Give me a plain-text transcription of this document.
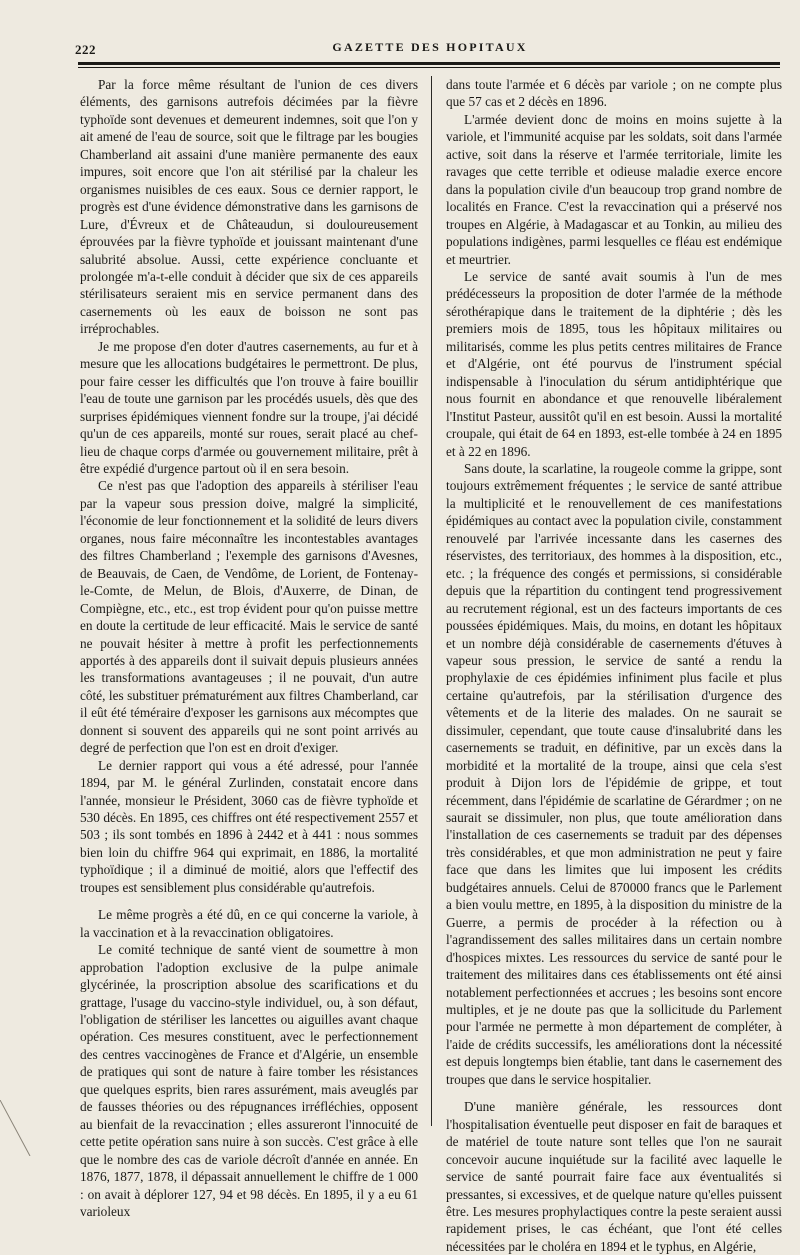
222	GAZETTE DES HOPITAUX

Par la force même résultant de l'union de ces divers éléments, des garnisons autrefois décimées par la fièvre typhoïde sont devenues et demeurent indemnes, soit que l'on y ait amené de l'eau de source, soit que le filtrage par les bougies Chamberland ait assaini d'une manière permanente des eaux impures, soit encore que l'on ait stérilisé par la chaleur les organismes nuisibles de ces eaux. Sous ce dernier rapport, le progrès est d'une évidence démonstrative dans les garnisons de Lure, d'Évreux et de Châteaudun, si douloureusement éprouvées par la fièvre typhoïde et jouissant maintenant d'une salubrité absolue. Aussi, cette expérience concluante et prolongée m'a-t-elle conduit à décider que six de ces appareils stérilisateurs seraient mis en service permanent dans des casernements où les eaux de boisson ne sont pas irréprochables.

Je me propose d'en doter d'autres casernements, au fur et à mesure que les allocations budgétaires le permettront. De plus, pour faire cesser les difficultés que l'on trouve à faire bouillir l'eau de toute une garnison par les procédés usuels, dès que des surprises épidémiques viennent fondre sur la troupe, j'ai décidé qu'un de ces appareils, monté sur roues, serait placé au chef-lieu de chaque corps d'armée ou gouvernement militaire, prêt à être expédié d'urgence partout où il en sera besoin.

Ce n'est pas que l'adoption des appareils à stériliser l'eau par la vapeur sous pression doive, malgré la simplicité, l'économie de leur fonctionnement et la solidité de leurs divers organes, nous faire méconnaître les incontestables avantages des filtres Chamberland ; l'exemple des garnisons d'Avesnes, de Beauvais, de Caen, de Vendôme, de Lorient, de Fontenay-le-Comte, de Melun, de Blois, d'Auxerre, de Dinan, de Compiègne, etc., etc., est trop évident pour qu'on puisse mettre en doute la certitude de leur efficacité. Mais le service de santé ne pouvait hésiter à mettre à profit les perfectionnements apportés à des appareils dont il suivait depuis plusieurs années les transformations avantageuses ; il ne pouvait, d'un autre côté, les substituer prématurément aux filtres Chamberland, car il eût été téméraire d'exposer les garnisons aux mécomptes que donnent si souvent des appareils qui ne sont point arrivés au degré de perfection que l'on est en droit d'exiger.

Le dernier rapport qui vous a été adressé, pour l'année 1894, par M. le général Zurlinden, constatait encore dans l'année, monsieur le Président, 3060 cas de fièvre typhoïde et 530 décès. En 1895, ces chiffres ont été respectivement 2557 et 503 ; ils sont tombés en 1896 à 2442 et à 441 : nous sommes bien loin du chiffre 964 qui exprimait, en 1886, la mortalité typhoïdique ; il a diminué de moitié, alors que l'effectif des troupes est sensiblement plus considérable qu'autrefois.

Le même progrès a été dû, en ce qui concerne la variole, à la vaccination et à la revaccination obligatoires.

Le comité technique de santé vient de soumettre à mon approbation l'adoption exclusive de la pulpe animale glycérinée, la proscription absolue des scarifications et du grattage, l'usage du vaccino-style individuel, ou, à son défaut, l'obligation de stériliser les lancettes ou aiguilles avant chaque opération. Ces mesures constituent, avec le perfectionnement des centres vaccinogènes de France et d'Algérie, un ensemble de pratiques qui sont de nature à faire tomber les résistances que quelques esprits, bien rares assurément, mais aveuglés par de fausses théories ou des répugnances irréfléchies, opposent au bienfait de la revaccination ; elles assureront l'innocuité de cette petite opération sans nuire à son succès. C'est grâce à elle que le nombre des cas de variole décroît d'année en année. En 1876, 1877, 1878, il dépassait annuellement le chiffre de 1 000 : on avait à déplorer 127, 94 et 98 décès. En 1895, il y a eu 61 varioleux

dans toute l'armée et 6 décès par variole ; on ne compte plus que 57 cas et 2 décès en 1896.

L'armée devient donc de moins en moins sujette à la variole, et l'immunité acquise par les soldats, soit dans l'armée active, soit dans la réserve et l'armée territoriale, limite les ravages que cette terrible et odieuse maladie exerce encore dans la population civile d'un beaucoup trop grand nombre de localités en France. C'est la revaccination qui a préservé nos troupes en Algérie, à Madagascar et au Tonkin, au milieu des populations indigènes, parmi lesquelles ce fléau est endémique et meurtrier.

Le service de santé avait soumis à l'un de mes prédécesseurs la proposition de doter l'armée de la méthode sérothérapique dans le traitement de la diphtérie ; dès les premiers mois de 1895, tous les hôpitaux militaires ou militarisés, comme les plus petits centres militaires de France et d'Algérie, ont été pourvus de l'instrument spécial indispensable à l'inoculation du sérum antidiphtérique que nous fournit en abondance et que renouvelle libéralement l'Institut Pasteur, aussitôt qu'il en est besoin. Aussi la mortalité croupale, qui était de 64 en 1893, est-elle tombée à 24 en 1895 et à 22 en 1896.

Sans doute, la scarlatine, la rougeole comme la grippe, sont toujours extrêmement fréquentes ; le service de santé attribue la multiplicité et le renouvellement de ces manifestations épidémiques au contact avec la population civile, constamment renouvelé par l'arrivée incessante dans les casernes des réservistes, des territoriaux, des hommes à la disposition, etc., etc. ; la fréquence des congés et permissions, si considérable depuis que la répartition du contingent tend progressivement au recrutement régional, est un des facteurs importants de ces poussées épidémiques. Mais, du moins, en dotant les hôpitaux et un nombre déjà considérable de casernements d'étuves à vapeur sous pression, le service de santé a rendu la prophylaxie de ces épidémies infiniment plus facile et plus certaine qu'autrefois, par la stérilisation d'urgence des vêtements et de la literie des malades. On ne saurait se dissimuler, cependant, que toute cause d'insalubrité dans les casernements se traduit, en définitive, par un excès dans la morbidité et la mortalité de la troupe, ainsi que cela s'est produit à Dijon lors de l'épidémie de grippe, et tout récemment, dans l'épidémie de scarlatine de Gérardmer ; on ne saurait se dissimuler, non plus, que toute amélioration dans l'installation de ces casernements se traduit par des dépenses très considérables, et que mon administration ne peut y faire face que dans les limites que lui imposent les crédits budgétaires annuels. Celui de 870000 francs que le Parlement a bien voulu mettre, en 1895, à la disposition du ministre de la Guerre, a permis de procéder à la réfection ou à l'agrandissement des salles militaires dans un certain nombre d'hospices mixtes. Les ressources du service de santé pour le traitement des militaires dans ces établissements ont été ainsi notablement perfectionnées et accrues ; les besoins sont encore multiples, et je ne doute pas que la sollicitude du Parlement pour l'armée ne permette à mon département de compléter, à l'aide de crédits successifs, les améliorations dont la nécessité est depuis longtemps bien établie, tant dans le casernement des troupes que dans le service hospitalier.

D'une manière générale, les ressources dont l'hospitalisation éventuelle peut disposer en fait de baraques et de matériel de toute nature sont telles que l'on ne saurait concevoir aucune inquiétude sur la facilité avec laquelle le service de santé pourrait faire face aux éventualités si pressantes, si excessives, et de quelque nature qu'elles puissent être. Les mesures prophylactiques contre la peste seraient aussi rapidement prises, le cas échéant, que l'ont été celles nécessitées par le choléra en 1894 et le typhus, en Algérie,
